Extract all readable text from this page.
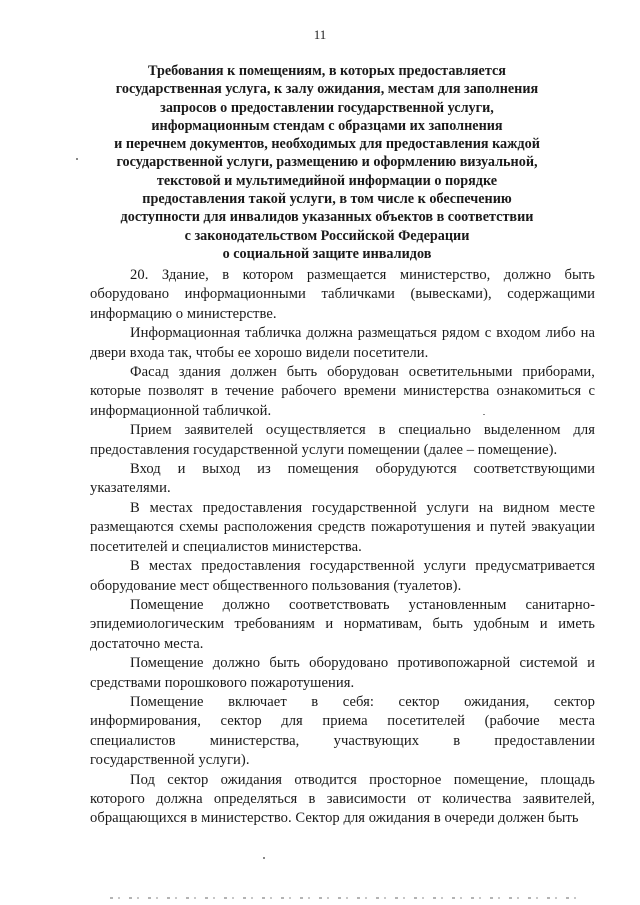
11
Требования к помещениям, в которых предоставляется
государственная услуга, к залу ожидания, местам для заполнения
запросов о предоставлении государственной услуги,
информационным стендам с образцами их заполнения
и перечнем документов, необходимых для предоставления каждой
государственной услуги, размещению и оформлению визуальной,
текстовой и мультимедийной информации о порядке
предоставления такой услуги, в том числе к обеспечению
доступности для инвалидов указанных объектов в соответствии
с законодательством Российской Федерации
о социальной защите инвалидов

20. Здание, в котором размещается министерство, должно быть оборудовано информационными табличками (вывесками), содержащими информацию о министерстве.

Информационная табличка должна размещаться рядом с входом либо на двери входа так, чтобы ее хорошо видели посетители.

Фасад здания должен быть оборудован осветительными приборами, которые позволят в течение рабочего времени министерства ознакомиться с информационной табличкой.

Прием заявителей осуществляется в специально выделенном для предоставления государственной услуги помещении (далее – помещение).

Вход и выход из помещения оборудуются соответствующими указателями.

В местах предоставления государственной услуги на видном месте размещаются схемы расположения средств пожаротушения и путей эвакуации посетителей и специалистов министерства.

В местах предоставления государственной услуги предусматривается оборудование мест общественного пользования (туалетов).

Помещение должно соответствовать установленным санитарно-эпидемиологическим требованиям и нормативам, быть удобным и иметь достаточно места.

Помещение должно быть оборудовано противопожарной системой и средствами порошкового пожаротушения.

Помещение включает в себя: сектор ожидания, сектор
информирования, сектор для приема посетителей (рабочие места
специалистов министерства, участвующих в предоставлении
государственной услуги).

Под сектор ожидания отводится просторное помещение, площадь которого должна определяться в зависимости от количества заявителей, обращающихся в министерство. Сектор для ожидания в очереди должен быть
